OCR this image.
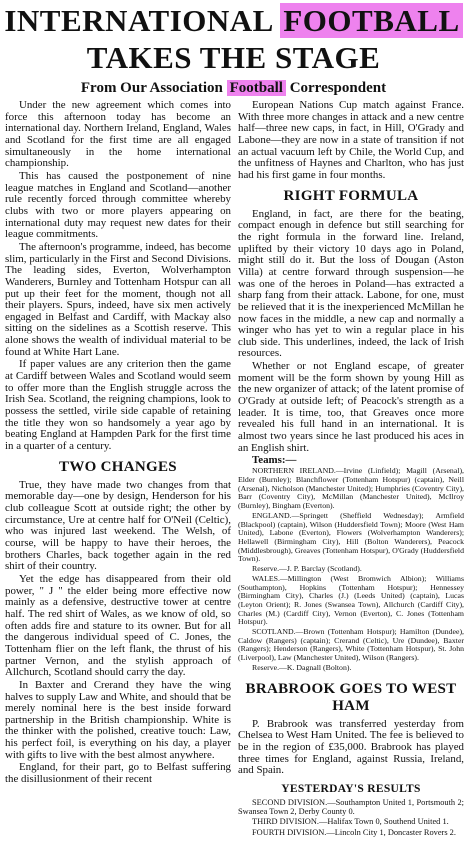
INTERNATIONAL FOOTBALL
TAKES THE STAGE
From Our Association Football Correspondent

Under the new agreement which comes into force this afternoon today has become an international day. Northern Ireland, England, Wales and Scotland for the first time are all engaged simultaneously in the home international championship.

This has caused the postponement of nine league matches in England and Scotland—another rule recently forced through committee whereby clubs with two or more players appearing on international duty may request new dates for their league commitments.

The afternoon's programme, indeed, has become slim, particularly in the First and Second Divisions. The leading sides, Everton, Wolverhampton Wanderers, Burnley and Tottenham Hotspur can all put up their feet for the moment, though not all their players. Spurs, indeed, have six men actively engaged in Belfast and Cardiff, with Mackay also sitting on the sidelines as a Scottish reserve. This alone shows the wealth of individual material to be found at White Hart Lane.

If paper values are any criterion then the game at Cardiff between Wales and Scotland would seem to offer more than the English struggle across the Irish Sea. Scotland, the reigning champions, look to possess the settled, virile side capable of retaining the title they won so handsomely a year ago by beating England at Hampden Park for the first time in a quarter of a century.

TWO CHANGES

True, they have made two changes from that memorable day—one by design, Henderson for his club colleague Scott at outside right; the other by circumstance, Ure at centre half for O'Neil (Celtic), who was injured last weekend. The Welsh, of course, will be happy to have their heroes, the brothers Charles, back together again in the red shirt of their country.

Yet the edge has disappeared from their old power, " J " the elder being more effective now mainly as a defensive, destructive tower at centre half. The red shirt of Wales, as we know of old, so often adds fire and stature to its owner. But for all the dangerous individual speed of C. Jones, the Tottenham flier on the left flank, the thrust of his partner Vernon, and the stylish approach of Allchurch, Scotland should carry the day.

In Baxter and Crerand they have the wing halves to supply Law and White, and should that be merely nominal here is the best inside forward partnership in the British championship. White is the thinker with the polished, creative touch: Law, his perfect foil, is everything on his day, a player with gifts to live with the best almost anywhere.

England, for their part, go to Belfast suffering the disillusionment of their recent

European Nations Cup match against France. With three more changes in attack and a new centre half—three new caps, in fact, in Hill, O'Grady and Labone—they are now in a state of transition if not an actual vacuum left by Chile, the World Cup, and the unfitness of Haynes and Charlton, who has just had his first game in four months.

RIGHT FORMULA

England, in fact, are there for the beating, compact enough in defence but still searching for the right formula in the forward line. Ireland, uplifted by their victory 10 days ago in Poland, might still do it. But the loss of Dougan (Aston Villa) at centre forward through suspension—he was one of the heroes in Poland—has extracted a sharp fang from their attack. Labone, for one, must be relieved that it is the inexperienced McMillan he now faces in the middle, a new cap and normally a winger who has yet to win a regular place in his club side. This underlines, indeed, the lack of Irish resources.

Whether or not England escape, of greater moment will be the form shown by young Hill as the new organizer of attack; of the latent promise of O'Grady at outside left; of Peacock's strength as a leader. It is time, too, that Greaves once more revealed his full hand in an international. It is almost two years since he last produced his aces in an English shirt.

Teams:—

NORTHERN IRELAND.—Irvine (Linfield); Magill (Arsenal), Elder (Burnley); Blanchflower (Tottenham Hotspur) (captain), Neill (Arsenal), Nicholson (Manchester United); Humphries (Coventry City), Barr (Coventry City), McMillan (Manchester United), McIlroy (Burnley), Bingham (Everton).

ENGLAND.—Springett (Sheffield Wednesday); Armfield (Blackpool) (captain), Wilson (Huddersfield Town); Moore (West Ham United), Labone (Everton), Flowers (Wolverhampton Wanderers); Hellawell (Birmingham City), Hill (Bolton Wanderers), Peacock (Middlesbrough), Greaves (Tottenham Hotspur), O'Grady (Huddersfield Town).

Reserve.—J. P. Barclay (Scotland).

WALES.—Millington (West Bromwich Albion); Williams (Southampton), Hopkins (Tottenham Hotspur); Hennessey (Birmingham City), Charles (J.) (Leeds United) (captain), Lucas (Leyton Orient); R. Jones (Swansea Town), Allchurch (Cardiff City), Charles (M.) (Cardiff City), Vernon (Everton), C. Jones (Tottenham Hotspur).

SCOTLAND.—Brown (Tottenham Hotspur); Hamilton (Dundee), Caldow (Rangers) (captain); Crerand (Celtic), Ure (Dundee), Baxter (Rangers); Henderson (Rangers), White (Tottenham Hotspur), St. John (Liverpool), Law (Manchester United), Wilson (Rangers).

Reserve.—K. Dagnall (Bolton).

BRABROOK GOES TO WEST HAM

P. Brabrook was transferred yesterday from Chelsea to West Ham United. The fee is believed to be in the region of £35,000. Brabrook has played three times for England, against Russia, Ireland, and Spain.

YESTERDAY'S RESULTS

SECOND DIVISION.—Southampton United 1, Portsmouth 2; Swansea Town 2, Derby County 0.

THIRD DIVISION.—Halifax Town 0, Southend United 1.

FOURTH DIVISION.—Lincoln City 1, Doncaster Rovers 2.
